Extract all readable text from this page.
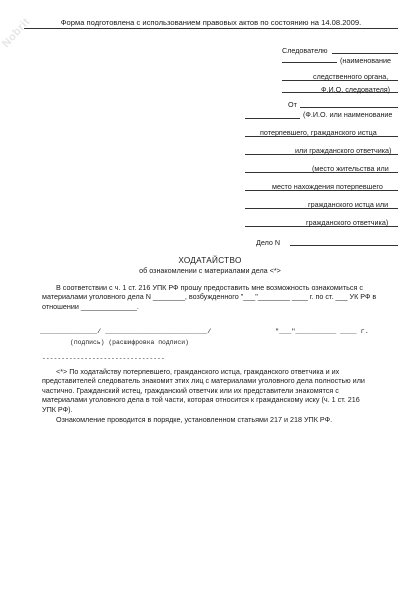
Nobrit	Форма подготовлена с использованием правовых актов по состоянию на 14.08.2009.
Следователю
(наименование
следственного органа,
Ф.И.О. следователя)
От
(Ф.И.О. или наименование
потерпевшего, гражданского истца
или гражданского ответчика)
(место жительства или
место нахождения потерпевшего
гражданского истца или
гражданского ответчика)
Дело N
ХОДАТАЙСТВО
об ознакомлении с материалами дела <*>
В соответствии с ч. 1 ст. 216 УПК РФ прошу предоставить мне возможность ознакомиться с
материалами уголовного дела N ________, возбужденного "___"________ ____ г. по ст. ___ УК РФ в
отношении ______________.
______________/ _________________________/	"___"__________ ____ г.
(подпись) (расшифровка подписи)
--------------------------------
<*> По ходатайству потерпевшего, гражданского истца, гражданского ответчика и их
представителей следователь знакомит этих лиц с материалами уголовного дела полностью или
частично. Гражданский истец, гражданский ответчик или их представители знакомятся с
материалами уголовного дела в той части, которая относится к гражданскому иску (ч. 1 ст. 216
УПК РФ).
Ознакомление проводится в порядке, установленном статьями 217 и 218 УПК РФ.
